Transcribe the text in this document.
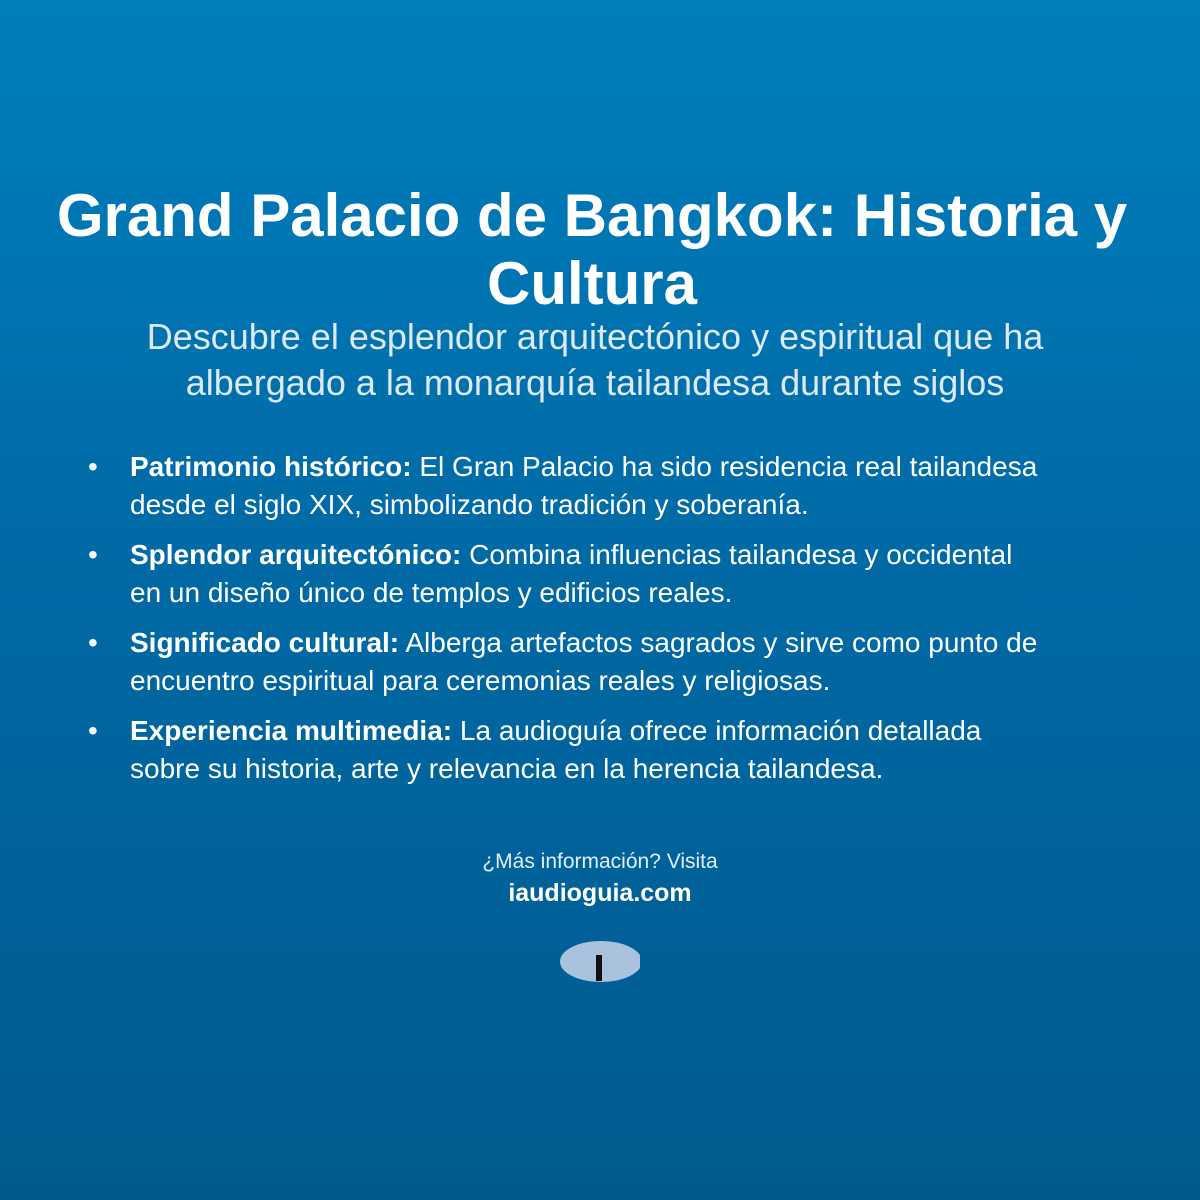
Grand Palacio de Bangkok: Historia y Cultura
Descubre el esplendor arquitectónico y espiritual que ha albergado a la monarquía tailandesa durante siglos
• Patrimonio histórico: El Gran Palacio ha sido residencia real tailandesa desde el siglo XIX, simbolizando tradición y soberanía.
• Splendor arquitectónico: Combina influencias tailandesa y occidental en un diseño único de templos y edificios reales.
• Significado cultural: Alberga artefactos sagrados y sirve como punto de encuentro espiritual para ceremonias reales y religiosas.
• Experiencia multimedia: La audioguía ofrece información detallada sobre su historia, arte y relevancia en la herencia tailandesa.
¿Más información? Visita
iaudioguia.com
